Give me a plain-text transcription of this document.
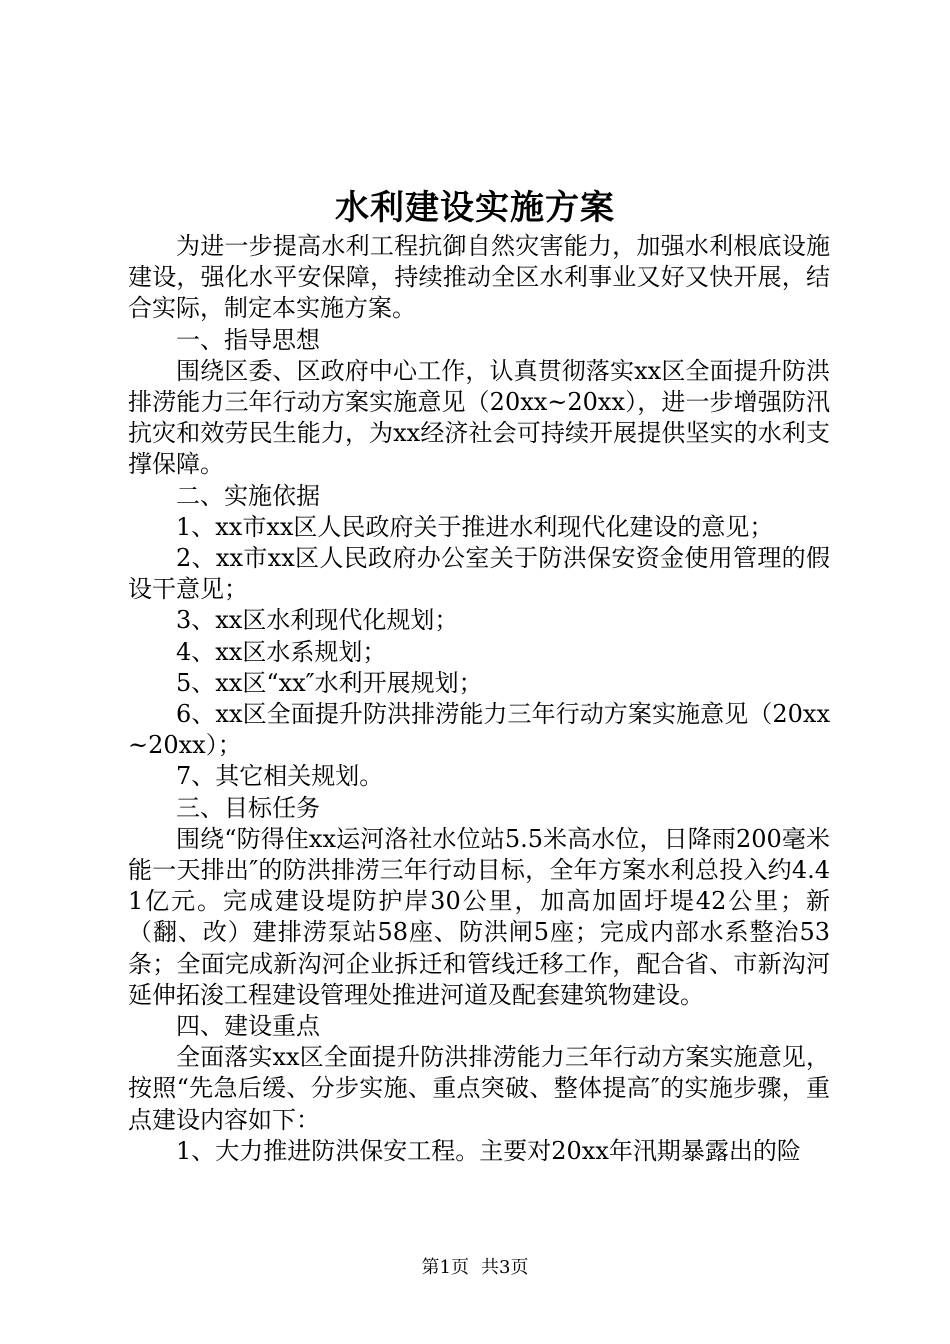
水利建设实施方案

为进一步提高水利工程抗御自然灾害能力，加强水利根底设施建设，强化水平安保障，持续推动全区水利事业又好又快开展，结合实际，制定本实施方案。

一、指导思想

围绕区委、区政府中心工作，认真贯彻落实xx区全面提升防洪排涝能力三年行动方案实施意见（20xx~20xx），进一步增强防汛抗灾和效劳民生能力，为xx经济社会可持续开展提供坚实的水利支撑保障。

二、实施依据

1、xx市xx区人民政府关于推进水利现代化建设的意见；

2、xx市xx区人民政府办公室关于防洪保安资金使用管理的假设干意见；

3、xx区水利现代化规划；

4、xx区水系规划；

5、xx区“xx″水利开展规划；

6、xx区全面提升防洪排涝能力三年行动方案实施意见（20xx~20xx）；

7、其它相关规划。

三、目标任务

围绕“防得住xx运河洛社水位站5.5米高水位，日降雨200毫米能一天排出″的防洪排涝三年行动目标，全年方案水利总投入约4.41亿元。完成建设堤防护岸30公里，加高加固圩堤42公里；新（翻、改）建排涝泵站58座、防洪闸5座；完成内部水系整治53条；全面完成新沟河企业拆迁和管线迁移工作，配合省、市新沟河延伸拓浚工程建设管理处推进河道及配套建筑物建设。

四、建设重点

全面落实xx区全面提升防洪排涝能力三年行动方案实施意见，按照“先急后缓、分步实施、重点突破、整体提高″的实施步骤，重点建设内容如下：

1、大力推进防洪保安工程。主要对20xx年汛期暴露出的险

第1页 共3页
